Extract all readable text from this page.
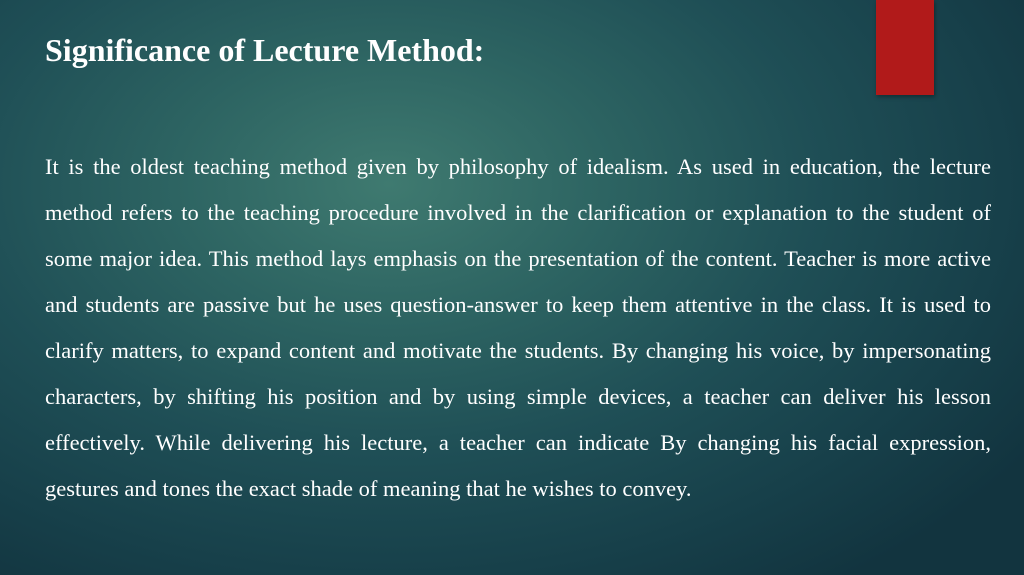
Significance of Lecture Method:

It is the oldest teaching method given by philosophy of idealism. As used in education, the lecture method refers to the teaching procedure involved in the clarification or explanation to the student of some major idea. This method lays emphasis on the presentation of the content. Teacher is more active and students are passive but he uses question-answer to keep them attentive in the class. It is used to clarify matters, to expand content and motivate the students. By changing his voice, by impersonating characters, by shifting his position and by using simple devices, a teacher can deliver his lesson effectively. While delivering his lecture, a teacher can indicate By changing his facial expression, gestures and tones the exact shade of meaning that he wishes to convey.
